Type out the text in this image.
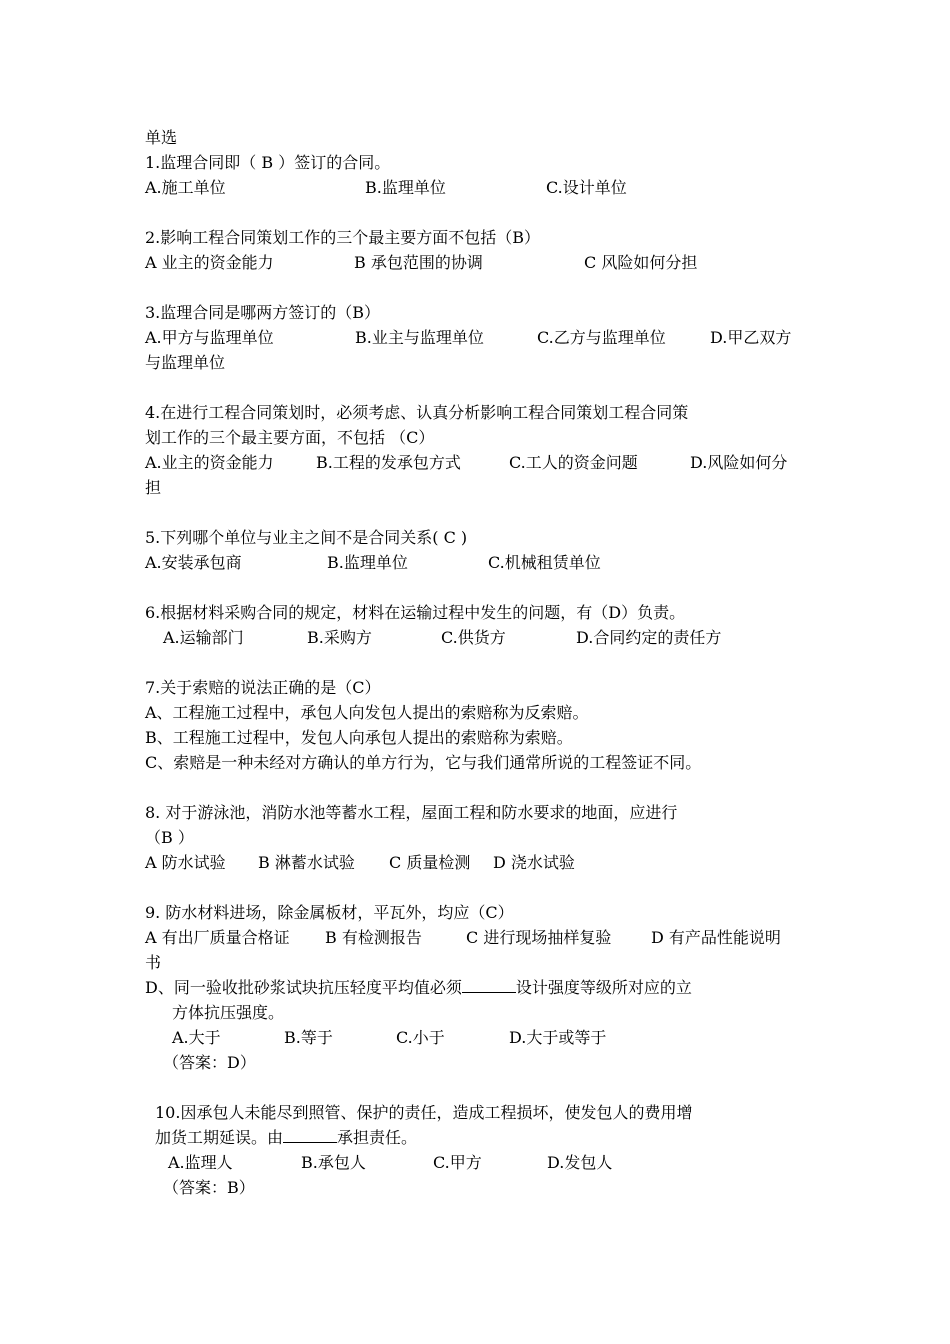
单选
1.监理合同即（ B ）签订的合同。
A.施工单位	B.监理单位	C.设计单位
2.影响工程合同策划工作的三个最主要方面不包括（B）
A 业主的资金能力	B 承包范围的协调	C 风险如何分担
3.监理合同是哪两方签订的（B）
A.甲方与监理单位	B.业主与监理单位	C.乙方与监理单位	D.甲乙双方
与监理单位
4.在进行工程合同策划时，必须考虑、认真分析影响工程合同策划工程合同策
划工作的三个最主要方面，不包括 （C）
A.业主的资金能力	B.工程的发承包方式	C.工人的资金问题	D.风险如何分
担
5.下列哪个单位与业主之间不是合同关系( C )
A.安装承包商	B.监理单位	C.机械租赁单位
6.根据材料采购合同的规定，材料在运输过程中发生的问题，有（D）负责。
A.运输部门	B.采购方	C.供货方	D.合同约定的责任方
7.关于索赔的说法正确的是（C）
A、工程施工过程中，承包人向发包人提出的索赔称为反索赔。
B、工程施工过程中，发包人向承包人提出的索赔称为索赔。
C、索赔是一种未经对方确认的单方行为，它与我们通常所说的工程签证不同。
8. 对于游泳池，消防水池等蓄水工程，屋面工程和防水要求的地面，应进行
（B ）
A 防水试验 B 淋蓄水试验 C 质量检测 D 浇水试验
9. 防水材料进场，除金属板材，平瓦外，均应（C）
A 有出厂质量合格证 B 有检测报告	C 进行现场抽样复验 D 有产品性能说明
书
D、同一验收批砂浆试块抗压轻度平均值必须	设计强度等级所对应的立
方体抗压强度。
A.大于	B.等于	C.小于	D.大于或等于
（答案：D）
10.因承包人未能尽到照管、保护的责任，造成工程损坏，使发包人的费用增
加货工期延误。由	承担责任。
A.监理人	B.承包人	C.甲方	D.发包人
（答案：B）
